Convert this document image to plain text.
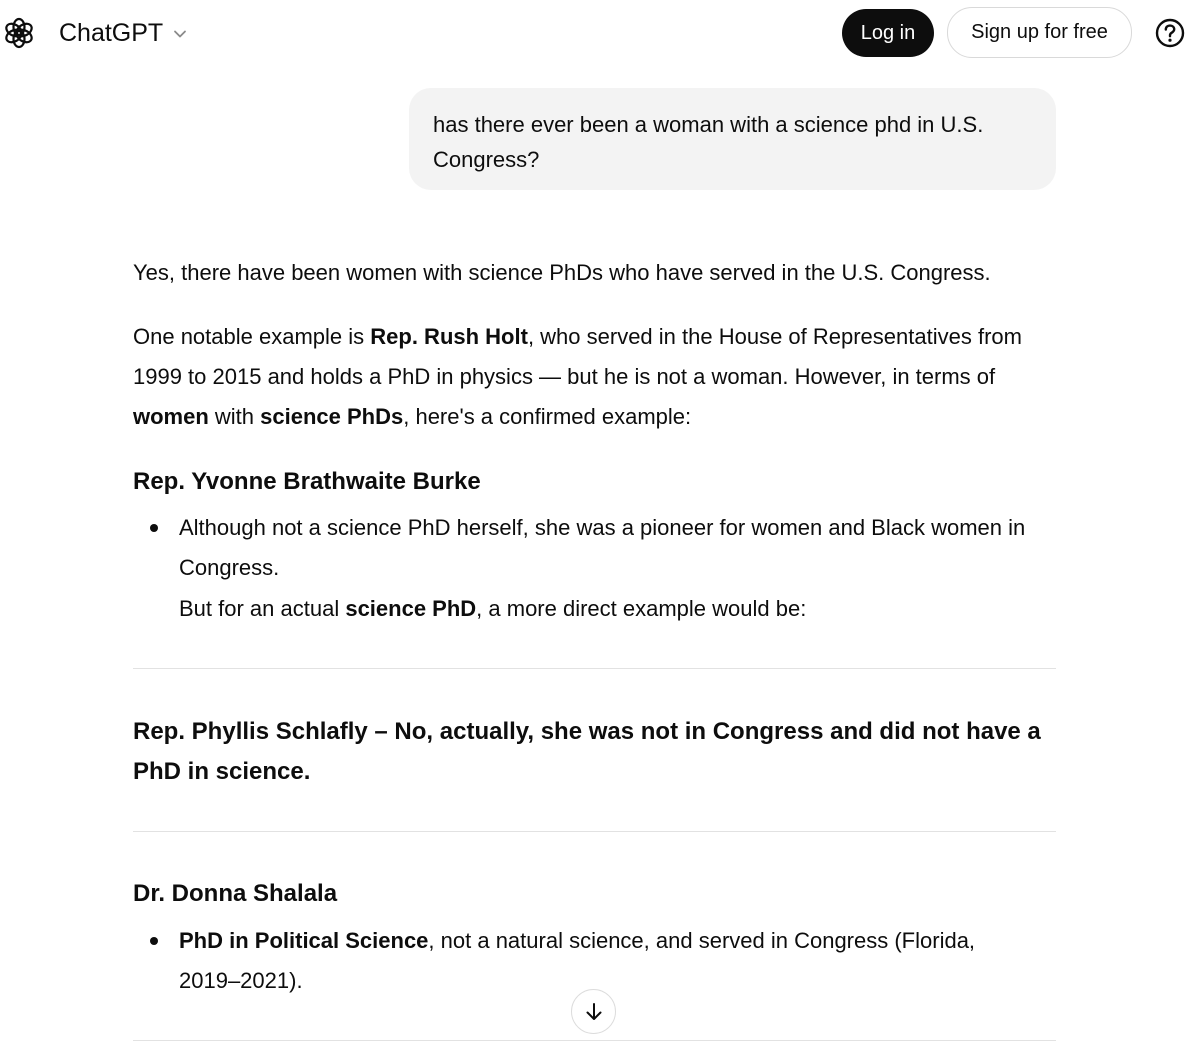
ChatGPT	Log in	Sign up for free
has there ever been a woman with a science phd in U.S. Congress?
Yes, there have been women with science PhDs who have served in the U.S. Congress.
One notable example is Rep. Rush Holt, who served in the House of Representatives from 1999 to 2015 and holds a PhD in physics — but he is not a woman. However, in terms of women with science PhDs, here's a confirmed example:
Rep. Yvonne Brathwaite Burke
Although not a science PhD herself, she was a pioneer for women and Black women in Congress.
But for an actual science PhD, a more direct example would be:
Rep. Phyllis Schlafly – No, actually, she was not in Congress and did not have a PhD in science.
Dr. Donna Shalala
PhD in Political Science, not a natural science, and served in Congress (Florida, 2019–2021).
